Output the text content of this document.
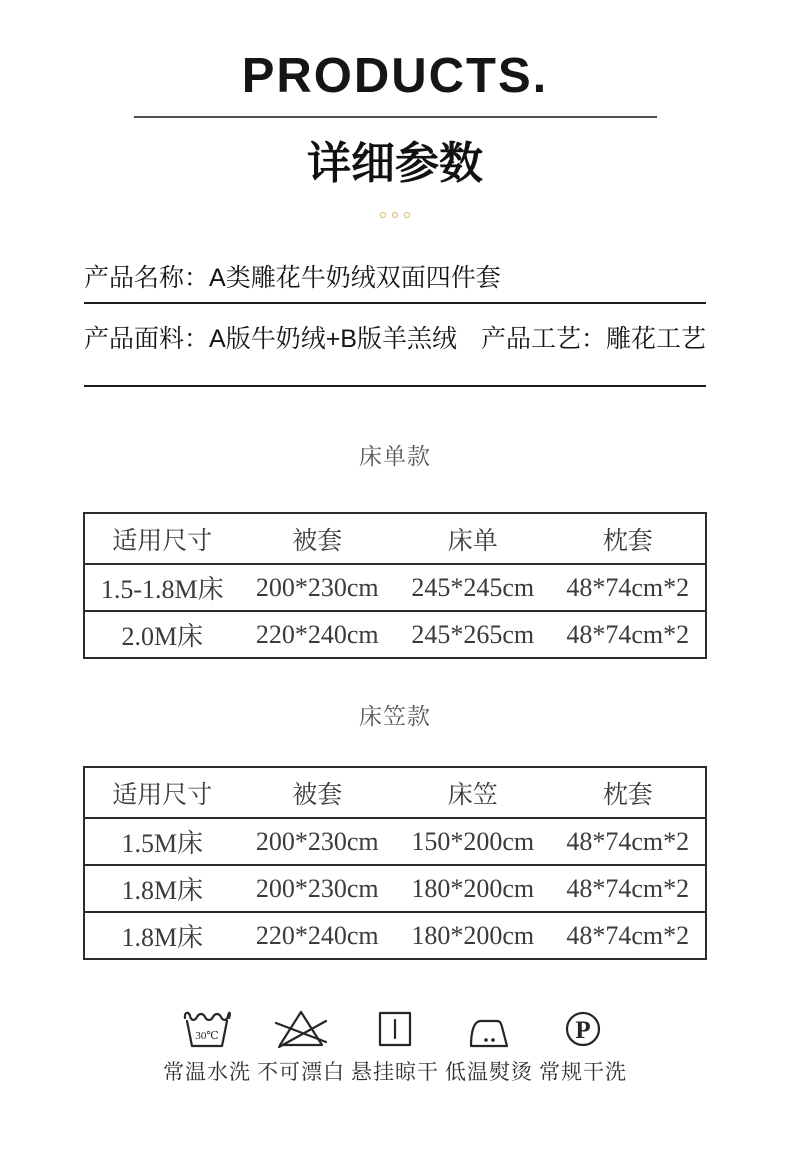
PRODUCTS.
详细参数
产品名称：A类雕花牛奶绒双面四件套
产品面料：A版牛奶绒+B版羊羔绒 产品工艺：雕花工艺
床单款
适用尺寸	被套	床单	枕套
1.5-1.8M床	200*230cm	245*245cm	48*74cm*2
2.0M床	220*240cm	245*265cm	48*74cm*2
床笠款
适用尺寸	被套	床笠	枕套
1.5M床	200*230cm	150*200cm	48*74cm*2
1.8M床	200*230cm	180*200cm	48*74cm*2
1.8M床	220*240cm	180*200cm	48*74cm*2
30℃
常温水洗 不可漂白 悬挂晾干 低温熨烫
P
常规干洗
